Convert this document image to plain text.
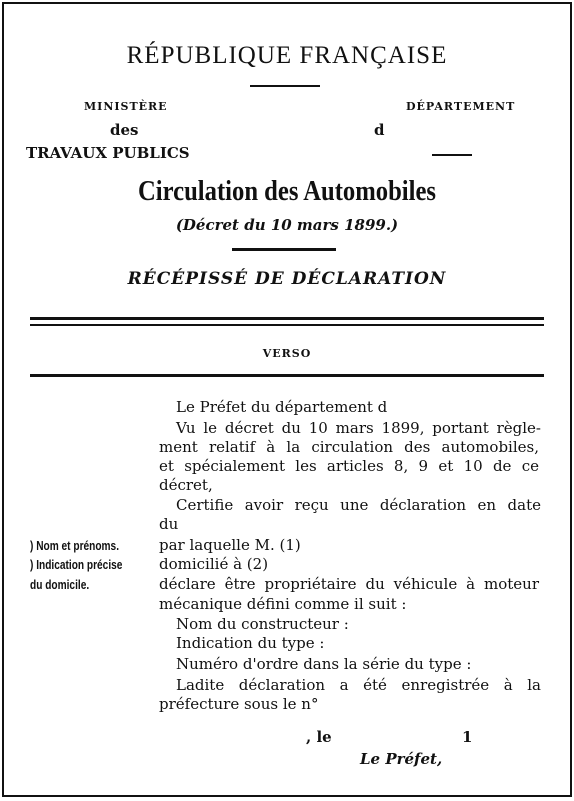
RÉPUBLIQUE FRANÇAISE
MINISTÈRE	DÉPARTEMENT
des	d
TRAVAUX PUBLICS
Circulation des Automobiles
(Décret du 10 mars 1899.)
RÉCÉPISSÉ DE DÉCLARATION
VERSO
Le Préfet du département d
Vu le décret du 10 mars 1899, portant règle-
ment relatif à la circulation des automobiles,
et spécialement les articles 8, 9 et 10 de ce
décret,
Certifie avoir reçu une déclaration en date
du
par laquelle M. (1)
domicilié à (2)
déclare être propriétaire du véhicule à moteur
mécanique défini comme il suit :
Nom du constructeur :
Indication du type :
Numéro d'ordre dans la série du type :
Ladite déclaration a été enregistrée à la
préfecture sous le n°
) Nom et prénoms.
) Indication précise
du domicile.
, le	1
Le Préfet,
